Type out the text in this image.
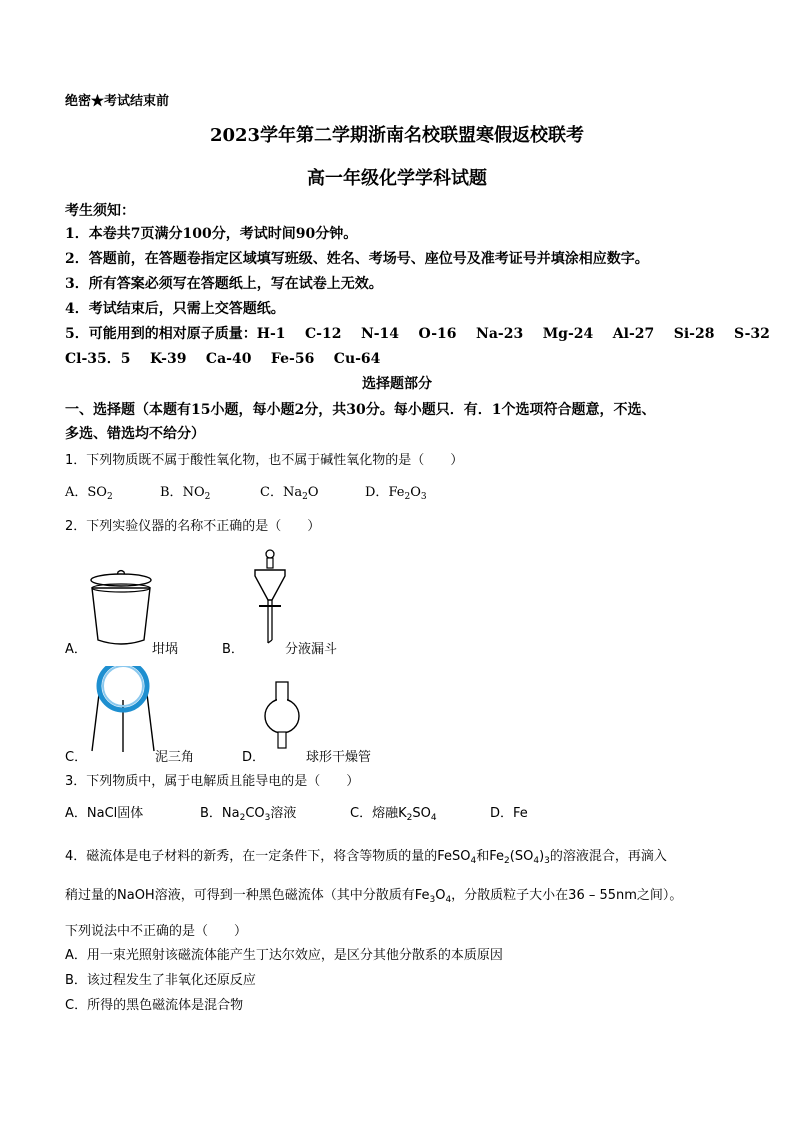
绝密★考试结束前
2023学年第二学期浙南名校联盟寒假返校联考
高一年级化学学科试题
考生须知：
1．本卷共7页满分100分，考试时间90分钟。
2．答题前，在答题卷指定区域填写班级、姓名、考场号、座位号及准考证号并填涂相应数字。
3．所有答案必须写在答题纸上，写在试卷上无效。
4．考试结束后，只需上交答题纸。
5．可能用到的相对原子质量：H-1    C-12    N-14    O-16    Na-23    Mg-24    Al-27    Si-28    S-32
Cl-35．5    K-39    Ca-40    Fe-56    Cu-64
选择题部分
一、选择题（本题有15小题，每小题2分，共30分。每小题只．有．1个选项符合题意，不选、
多选、错选均不给分）
1．下列物质既不属于酸性氧化物，也不属于碱性氧化物的是（　　）
A．$SO_2$	B．$NO_2$	C．$Na_2O$	D．$Fe_2O_3$
2．下列实验仪器的名称不正确的是（　　）
A．	坩埚	B．	分液漏斗
C．	泥三角	D．	球形干燥管
3．下列物质中，属于电解质且能导电的是（　　）
A．NaCl固体	B．$Na_2CO_3$溶液	C．熔融$K_2SO_4$	D．Fe
4．磁流体是电子材料的新秀，在一定条件下，将含等物质的量的FeSO$_4$和$Fe_2(SO_4)_3$的溶液混合，再滴入
稍过量的NaOH溶液，可得到一种黑色磁流体（其中分散质有$Fe_3O_4$，分散质粒子大小在36 – 55nm之间）。
下列说法中不正确的是（　　）
A．用一束光照射该磁流体能产生丁达尔效应，是区分其他分散系的本质原因
B．该过程发生了非氧化还原反应
C．所得的黑色磁流体是混合物
